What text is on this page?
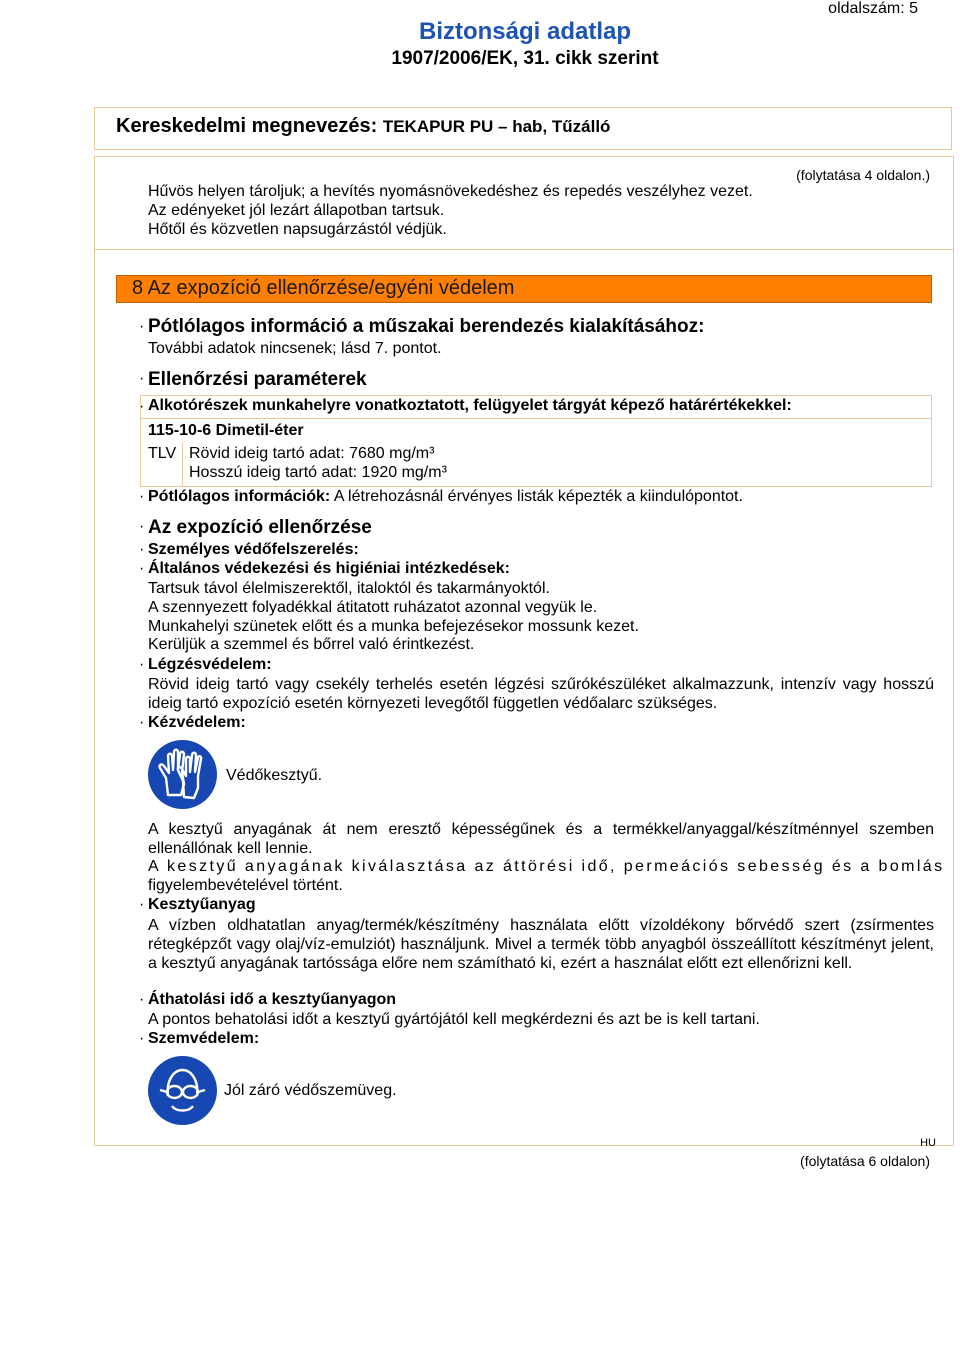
Biztonsági adatlap
1907/2006/EK, 31. cikk szerint
oldalszám: 5
Kereskedelmi megnevezés: TEKAPUR PU – hab, Tűzálló
(folytatása 4 oldalon.)
Hűvös helyen tároljuk; a hevítés nyomásnövekedéshez és repedés veszélyhez vezet.
Az edényeket jól lezárt állapotban tartsuk.
Hőtől és közvetlen napsugárzástól védjük.
8 Az expozíció ellenőrzése/egyéni védelem
· Pótlólagos információ a műszakai berendezés kialakításához:
További adatok nincsenek; lásd 7. pontot.
· Ellenőrzési paraméterek
· Alkotórészek munkahelyre vonatkoztatott, felügyelet tárgyát képező határértékekkel:
115-10-6 Dimetil-éter
TLV Rövid ideig tartó adat: 7680 mg/m³
Hosszú ideig tartó adat: 1920 mg/m³
· Pótlólagos információk: A létrehozásnál érvényes listák képezték a kiindulópontot.
· Az expozíció ellenőrzése
· Személyes védőfelszerelés:
· Általános védekezési és higiéniai intézkedések:
Tartsuk távol élelmiszerektől, italoktól és takarmányoktól.
A szennyezett folyadékkal átitatott ruházatot azonnal vegyük le.
Munkahelyi szünetek előtt és a munka befejezésekor mossunk kezet.
Kerüljük a szemmel és bőrrel való érintkezést.
· Légzésvédelem:
Rövid ideig tartó vagy csekély terhelés esetén légzési szűrókészüléket alkalmazzunk, intenzív vagy hosszú ideig tartó expozíció esetén környezeti levegőtől független védőalarc szükséges.
· Kézvédelem:
Védőkesztyű.
A kesztyű anyagának át nem eresztő képességűnek és a termékkel/anyaggal/készítménnyel szemben ellenállónak kell lennie.
A kesztyű anyagának kiválasztása az áttörési idő, permeációs sebesség és a bomlás
figyelembevételével történt.
· Kesztyűanyag
A vízben oldhatatlan anyag/termék/készítmény használata előtt vízoldékony bőrvédő szert (zsírmentes rétegképzőt vagy olaj/víz-emulziót) használjunk. Mivel a termék több anyagból összeállított készítményt jelent, a kesztyű anyagának tartóssága előre nem számítható ki, ezért a használat előtt ezt ellenőrizni kell.
· Áthatolási idő a kesztyűanyagon
A pontos behatolási időt a kesztyű gyártójától kell megkérdezni és azt be is kell tartani.
· Szemvédelem:
Jól záró védőszemüveg.
HU
(folytatása 6 oldalon)
